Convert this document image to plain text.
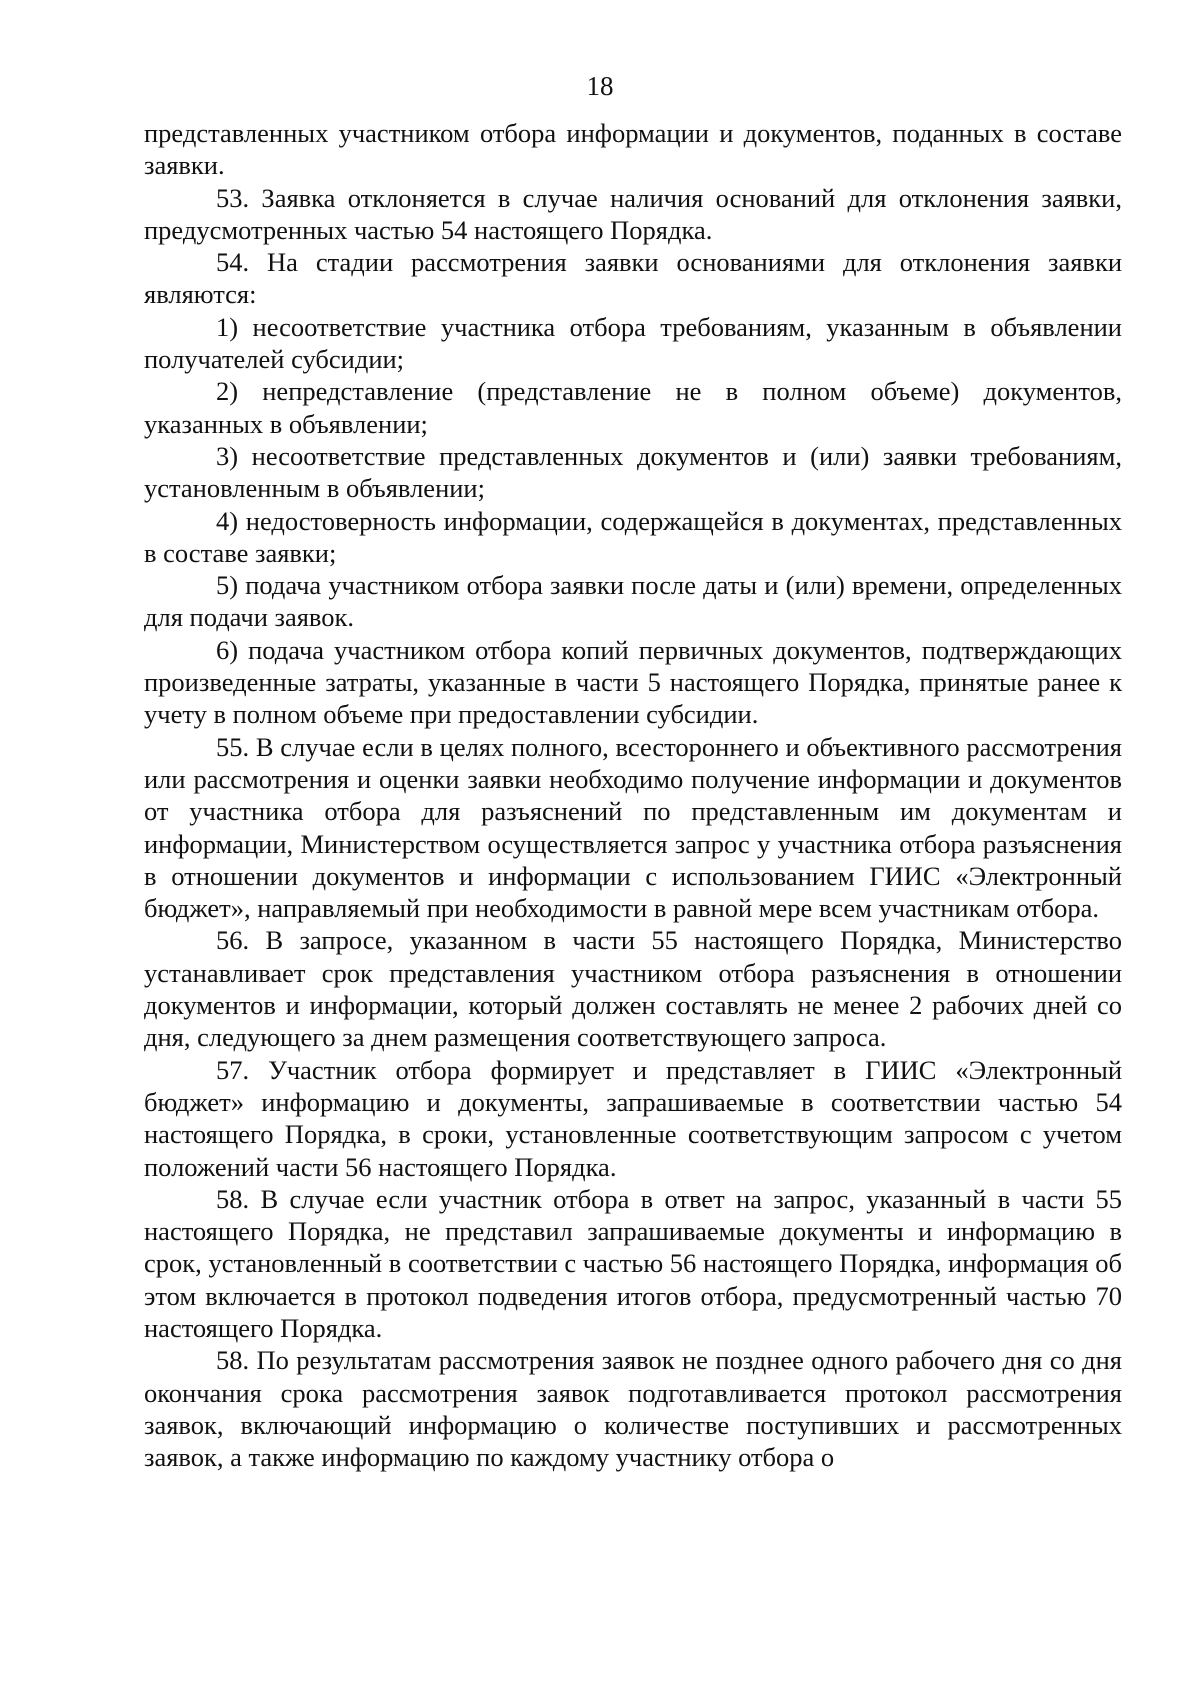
18

представленных участником отбора информации и документов, поданных в составе заявки.

53. Заявка отклоняется в случае наличия оснований для отклонения заявки, предусмотренных частью 54 настоящего Порядка.

54. На стадии рассмотрения заявки основаниями для отклонения заявки являются:

1) несоответствие участника отбора требованиям, указанным в объявлении получателей субсидии;

2) непредставление (представление не в полном объеме) документов, указанных в объявлении;

3) несоответствие представленных документов и (или) заявки требованиям, установленным в объявлении;

4) недостоверность информации, содержащейся в документах, представленных в составе заявки;

5) подача участником отбора заявки после даты и (или) времени, определенных для подачи заявок.

6) подача участником отбора копий первичных документов, подтверждающих произведенные затраты, указанные в части 5 настоящего Порядка, принятые ранее к учету в полном объеме при предоставлении субсидии.

55. В случае если в целях полного, всестороннего и объективного рассмотрения или рассмотрения и оценки заявки необходимо получение информации и документов от участника отбора для разъяснений по представленным им документам и информации, Министерством осуществляется запрос у участника отбора разъяснения в отношении документов и информации с использованием ГИИС «Электронный бюджет», направляемый при необходимости в равной мере всем участникам отбора.

56. В запросе, указанном в части 55 настоящего Порядка, Министерство устанавливает срок представления участником отбора разъяснения в отношении документов и информации, который должен составлять не менее 2 рабочих дней со дня, следующего за днем размещения соответствующего запроса.

57. Участник отбора формирует и представляет в ГИИС «Электронный бюджет» информацию и документы, запрашиваемые в соответствии частью 54 настоящего Порядка, в сроки, установленные соответствующим запросом с учетом положений части 56 настоящего Порядка.

58. В случае если участник отбора в ответ на запрос, указанный в части 55 настоящего Порядка, не представил запрашиваемые документы и информацию в срок, установленный в соответствии с частью 56 настоящего Порядка, информация об этом включается в протокол подведения итогов отбора, предусмотренный частью 70 настоящего Порядка.

58. По результатам рассмотрения заявок не позднее одного рабочего дня со дня окончания срока рассмотрения заявок подготавливается протокол рассмотрения заявок, включающий информацию о количестве поступивших и рассмотренных заявок, а также информацию по каждому участнику отбора о
